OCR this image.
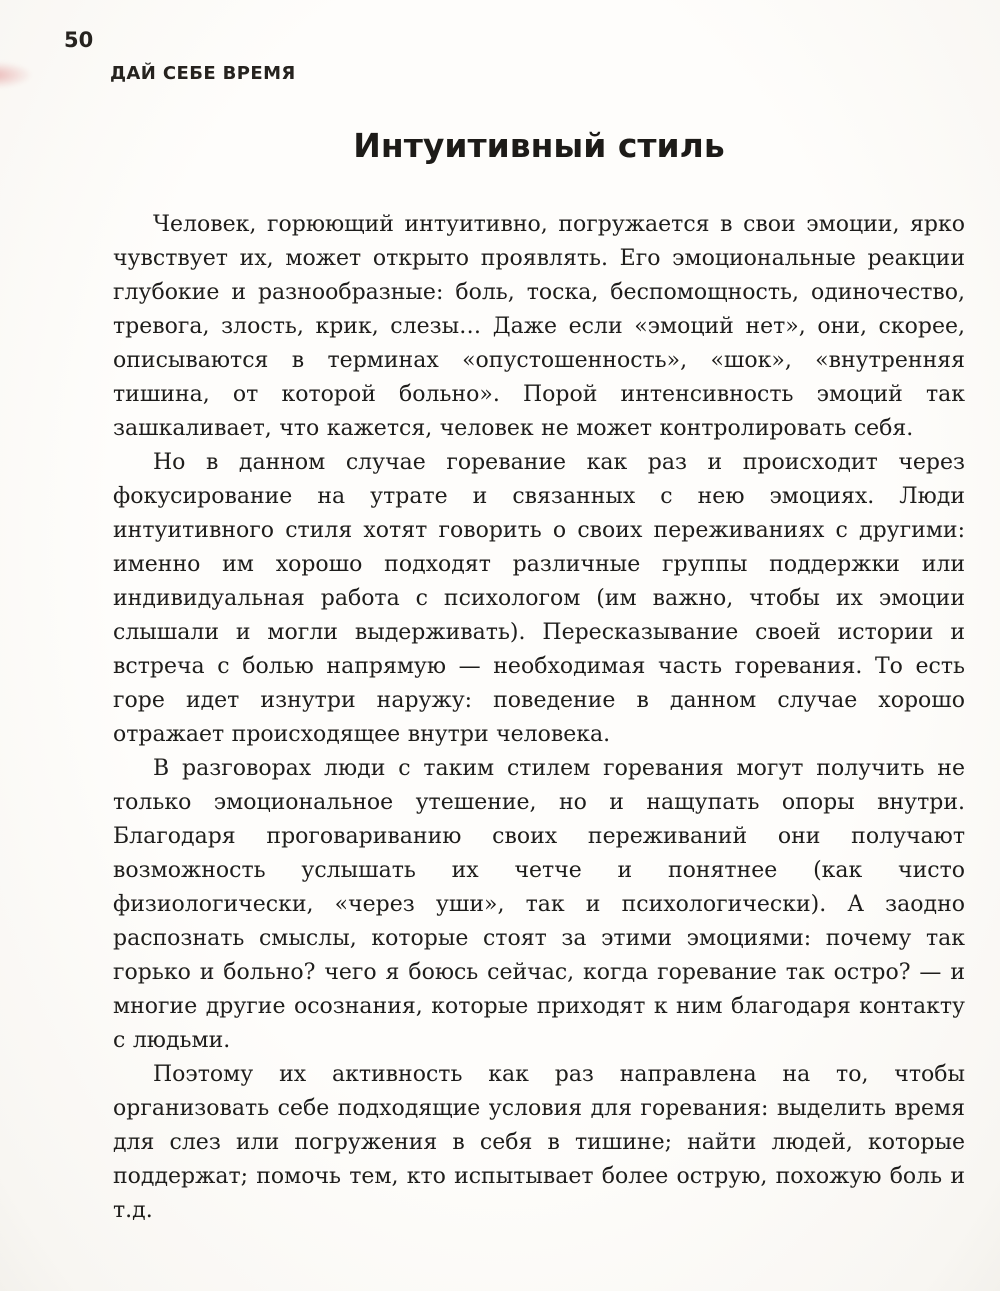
50
ДАЙ СЕБЕ ВРЕМЯ
Интуитивный стиль

Человек, горюющий интуитивно, погружается в свои эмоции, ярко чувствует их, может открыто проявлять. Его эмоциональные реакции глубокие и разнообразные: боль, тоска, беспомощность, одиночество, тревога, злость, крик, слезы… Даже если «эмоций нет», они, скорее, описываются в терминах «опустошенность», «шок», «внутренняя тишина, от которой больно». Порой интенсивность эмоций так зашкаливает, что кажется, человек не может контролировать себя.

Но в данном случае горевание как раз и происходит через фокусирование на утрате и связанных с нею эмоциях. Люди интуитивного стиля хотят говорить о своих переживаниях с другими: именно им хорошо подходят различные группы поддержки или индивидуальная работа с психологом (им важно, чтобы их эмоции слышали и могли выдерживать). Пересказывание своей истории и встреча с болью напрямую — необходимая часть горевания. То есть горе идет изнутри наружу: поведение в данном случае хорошо отражает происходящее внутри человека.

В разговорах люди с таким стилем горевания могут получить не только эмоциональное утешение, но и нащупать опоры внутри. Благодаря проговариванию своих переживаний они получают возможность услышать их четче и понятнее (как чисто физиологически, «через уши», так и психологически). А заодно распознать смыслы, которые стоят за этими эмоциями: почему так горько и больно? чего я боюсь сейчас, когда горевание так остро? — и многие другие осознания, которые приходят к ним благодаря контакту с людьми.

Поэтому их активность как раз направлена на то, чтобы организовать себе подходящие условия для горевания: выделить время для слез или погружения в себя в тишине; найти людей, которые поддержат; помочь тем, кто испытывает более острую, похожую боль и т.д.
